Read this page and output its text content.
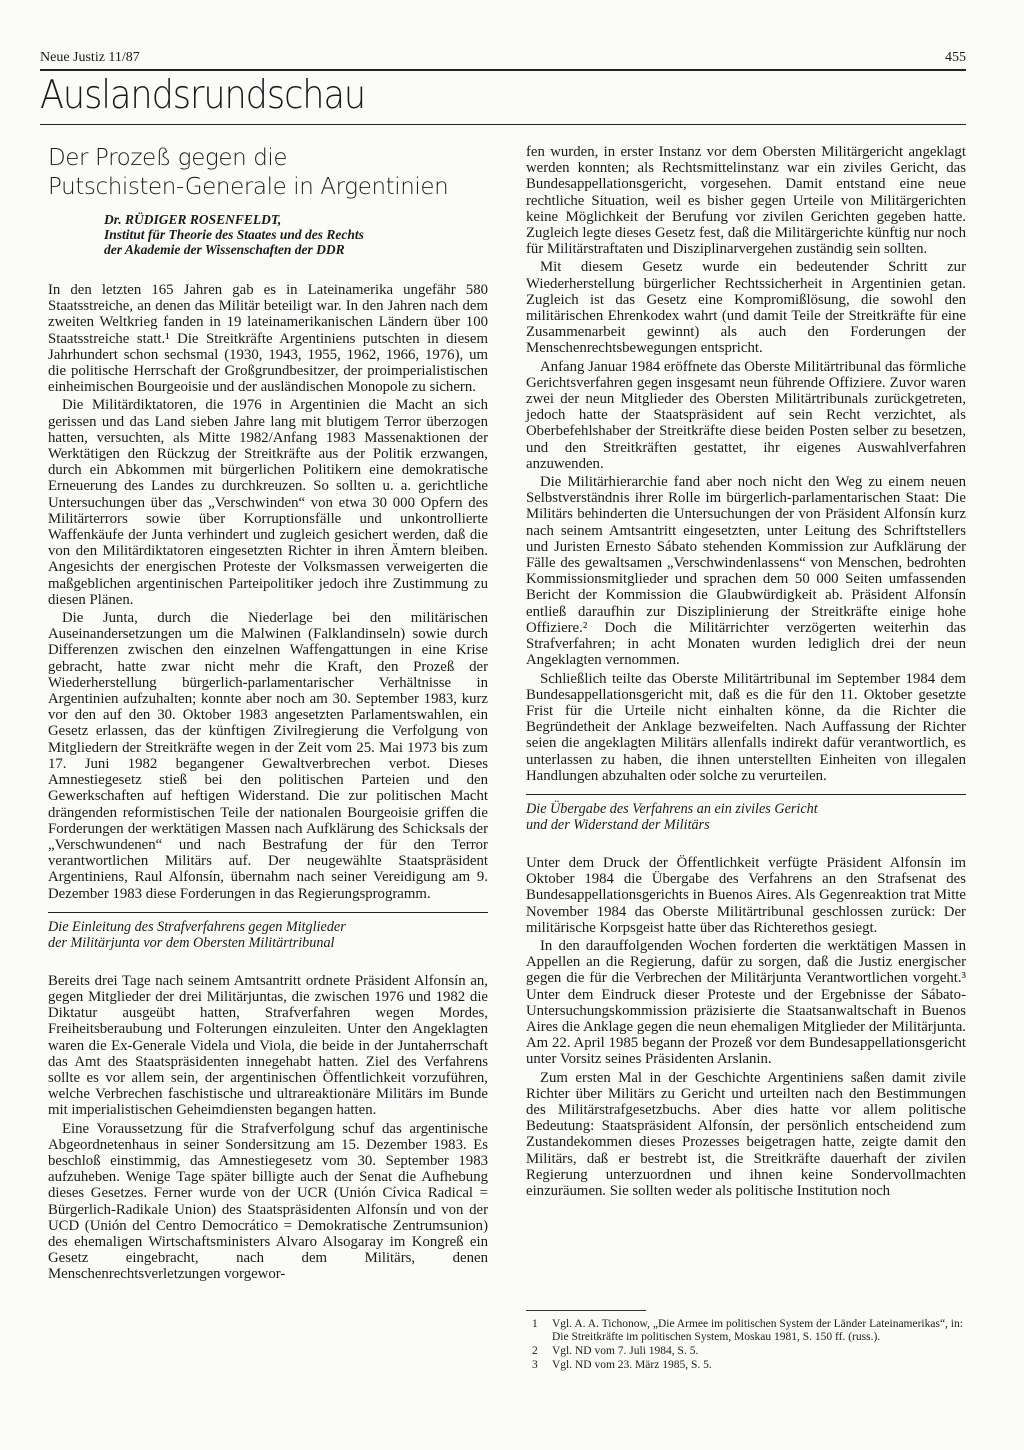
Neue Justiz 11/87	455
Auslandsrundschau
Der Prozeß gegen die
Putschisten-Generale in Argentinien
Dr. RÜDIGER ROSENFELDT,
Institut für Theorie des Staates und des Rechts
der Akademie der Wissenschaften der DDR

In den letzten 165 Jahren gab es in Lateinamerika ungefähr 580 Staatsstreiche, an denen das Militär beteiligt war. In den Jahren nach dem zweiten Weltkrieg fanden in 19 lateinamerikanischen Ländern über 100 Staatsstreiche statt.¹ Die Streitkräfte Argentiniens putschten in diesem Jahrhundert schon sechsmal (1930, 1943, 1955, 1962, 1966, 1976), um die politische Herrschaft der Großgrundbesitzer, der proimperialistischen einheimischen Bourgeoisie und der ausländischen Monopole zu sichern.

Die Militärdiktatoren, die 1976 in Argentinien die Macht an sich gerissen und das Land sieben Jahre lang mit blutigem Terror überzogen hatten, versuchten, als Mitte 1982/Anfang 1983 Massenaktionen der Werktätigen den Rückzug der Streitkräfte aus der Politik erzwangen, durch ein Abkommen mit bürgerlichen Politikern eine demokratische Erneuerung des Landes zu durchkreuzen. So sollten u. a. gerichtliche Untersuchungen über das „Verschwinden“ von etwa 30 000 Opfern des Militärterrors sowie über Korruptionsfälle und unkontrollierte Waffenkäufe der Junta verhindert und zugleich gesichert werden, daß die von den Militärdiktatoren eingesetzten Richter in ihren Ämtern bleiben. Angesichts der energischen Proteste der Volksmassen verweigerten die maßgeblichen argentinischen Parteipolitiker jedoch ihre Zustimmung zu diesen Plänen.

Die Junta, durch die Niederlage bei den militärischen Auseinandersetzungen um die Malwinen (Falklandinseln) sowie durch Differenzen zwischen den einzelnen Waffengattungen in eine Krise gebracht, hatte zwar nicht mehr die Kraft, den Prozeß der Wiederherstellung bürgerlich-parlamentarischer Verhältnisse in Argentinien aufzuhalten; konnte aber noch am 30. September 1983, kurz vor den auf den 30. Oktober 1983 angesetzten Parlamentswahlen, ein Gesetz erlassen, das der künftigen Zivilregierung die Verfolgung von Mitgliedern der Streitkräfte wegen in der Zeit vom 25. Mai 1973 bis zum 17. Juni 1982 begangener Gewaltverbrechen verbot. Dieses Amnestiegesetz stieß bei den politischen Parteien und den Gewerkschaften auf heftigen Widerstand. Die zur politischen Macht drängenden reformistischen Teile der nationalen Bourgeoisie griffen die Forderungen der werktätigen Massen nach Aufklärung des Schicksals der „Verschwundenen“ und nach Bestrafung der für den Terror verantwortlichen Militärs auf. Der neugewählte Staatspräsident Argentiniens, Raul Alfonsín, übernahm nach seiner Vereidigung am 9. Dezember 1983 diese Forderungen in das Regierungsprogramm.

Die Einleitung des Strafverfahrens gegen Mitglieder
der Militärjunta vor dem Obersten Militärtribunal

Bereits drei Tage nach seinem Amtsantritt ordnete Präsident Alfonsín an, gegen Mitglieder der drei Militärjuntas, die zwischen 1976 und 1982 die Diktatur ausgeübt hatten, Strafverfahren wegen Mordes, Freiheitsberaubung und Folterungen einzuleiten. Unter den Angeklagten waren die Ex-Generale Videla und Viola, die beide in der Juntaherrschaft das Amt des Staatspräsidenten innegehabt hatten. Ziel des Verfahrens sollte es vor allem sein, der argentinischen Öffentlichkeit vorzuführen, welche Verbrechen faschistische und ultrareaktionäre Militärs im Bunde mit imperialistischen Geheimdiensten begangen hatten.

Eine Voraussetzung für die Strafverfolgung schuf das argentinische Abgeordnetenhaus in seiner Sondersitzung am 15. Dezember 1983. Es beschloß einstimmig, das Amnestiegesetz vom 30. September 1983 aufzuheben. Wenige Tage später billigte auch der Senat die Aufhebung dieses Gesetzes. Ferner wurde von der UCR (Unión Cívica Radical = Bürgerlich-Radikale Union) des Staatspräsidenten Alfonsín und von der UCD (Unión del Centro Democrático = Demokratische Zentrumsunion) des ehemaligen Wirtschaftsministers Alvaro Alsogaray im Kongreß ein Gesetz eingebracht, nach dem Militärs, denen Menschenrechtsverletzungen vorgewor-

fen wurden, in erster Instanz vor dem Obersten Militärgericht angeklagt werden konnten; als Rechtsmittelinstanz war ein ziviles Gericht, das Bundesappellationsgericht, vorgesehen. Damit entstand eine neue rechtliche Situation, weil es bisher gegen Urteile von Militärgerichten keine Möglichkeit der Berufung vor zivilen Gerichten gegeben hatte. Zugleich legte dieses Gesetz fest, daß die Militärgerichte künftig nur noch für Militärstraftaten und Disziplinarvergehen zuständig sein sollten.

Mit diesem Gesetz wurde ein bedeutender Schritt zur Wiederherstellung bürgerlicher Rechtssicherheit in Argentinien getan. Zugleich ist das Gesetz eine Kompromißlösung, die sowohl den militärischen Ehrenkodex wahrt (und damit Teile der Streitkräfte für eine Zusammenarbeit gewinnt) als auch den Forderungen der Menschenrechtsbewegungen entspricht.

Anfang Januar 1984 eröffnete das Oberste Militärtribunal das förmliche Gerichtsverfahren gegen insgesamt neun führende Offiziere. Zuvor waren zwei der neun Mitglieder des Obersten Militärtribunals zurückgetreten, jedoch hatte der Staatspräsident auf sein Recht verzichtet, als Oberbefehlshaber der Streitkräfte diese beiden Posten selber zu besetzen, und den Streitkräften gestattet, ihr eigenes Auswahlverfahren anzuwenden.

Die Militärhierarchie fand aber noch nicht den Weg zu einem neuen Selbstverständnis ihrer Rolle im bürgerlich-parlamentarischen Staat: Die Militärs behinderten die Untersuchungen der von Präsident Alfonsín kurz nach seinem Amtsantritt eingesetzten, unter Leitung des Schriftstellers und Juristen Ernesto Sábato stehenden Kommission zur Aufklärung der Fälle des gewaltsamen „Verschwindenlassens“ von Menschen, bedrohten Kommissionsmitglieder und sprachen dem 50 000 Seiten umfassenden Bericht der Kommission die Glaubwürdigkeit ab. Präsident Alfonsín entließ daraufhin zur Disziplinierung der Streitkräfte einige hohe Offiziere.² Doch die Militärrichter verzögerten weiterhin das Strafverfahren; in acht Monaten wurden lediglich drei der neun Angeklagten vernommen.

Schließlich teilte das Oberste Militärtribunal im September 1984 dem Bundesappellationsgericht mit, daß es die für den 11. Oktober gesetzte Frist für die Urteile nicht einhalten könne, da die Richter die Begründetheit der Anklage bezweifelten. Nach Auffassung der Richter seien die angeklagten Militärs allenfalls indirekt dafür verantwortlich, es unterlassen zu haben, die ihnen unterstellten Einheiten von illegalen Handlungen abzuhalten oder solche zu verurteilen.

Die Übergabe des Verfahrens an ein ziviles Gericht
und der Widerstand der Militärs

Unter dem Druck der Öffentlichkeit verfügte Präsident Alfonsín im Oktober 1984 die Übergabe des Verfahrens an den Strafsenat des Bundesappellationsgerichts in Buenos Aires. Als Gegenreaktion trat Mitte November 1984 das Oberste Militärtribunal geschlossen zurück: Der militärische Korpsgeist hatte über das Richterethos gesiegt.

In den darauffolgenden Wochen forderten die werktätigen Massen in Appellen an die Regierung, dafür zu sorgen, daß die Justiz energischer gegen die für die Verbrechen der Militärjunta Verantwortlichen vorgeht.³ Unter dem Eindruck dieser Proteste und der Ergebnisse der Sábato-Untersuchungskommission präzisierte die Staatsanwaltschaft in Buenos Aires die Anklage gegen die neun ehemaligen Mitglieder der Militärjunta. Am 22. April 1985 begann der Prozeß vor dem Bundesappellationsgericht unter Vorsitz seines Präsidenten Arslanin.

Zum ersten Mal in der Geschichte Argentiniens saßen damit zivile Richter über Militärs zu Gericht und urteilten nach den Bestimmungen des Militärstrafgesetzbuchs. Aber dies hatte vor allem politische Bedeutung: Staatspräsident Alfonsín, der persönlich entscheidend zum Zustandekommen dieses Prozesses beigetragen hatte, zeigte damit den Militärs, daß er bestrebt ist, die Streitkräfte dauerhaft der zivilen Regierung unterzuordnen und ihnen keine Sondervollmachten einzuräumen. Sie sollten weder als politische Institution noch

1 Vgl. A. A. Tichonow, „Die Armee im politischen System der Länder Lateinamerikas“, in: Die Streitkräfte im politischen System, Moskau 1981, S. 150 ff. (russ.).
2 Vgl. ND vom 7. Juli 1984, S. 5.
3 Vgl. ND vom 23. März 1985, S. 5.
